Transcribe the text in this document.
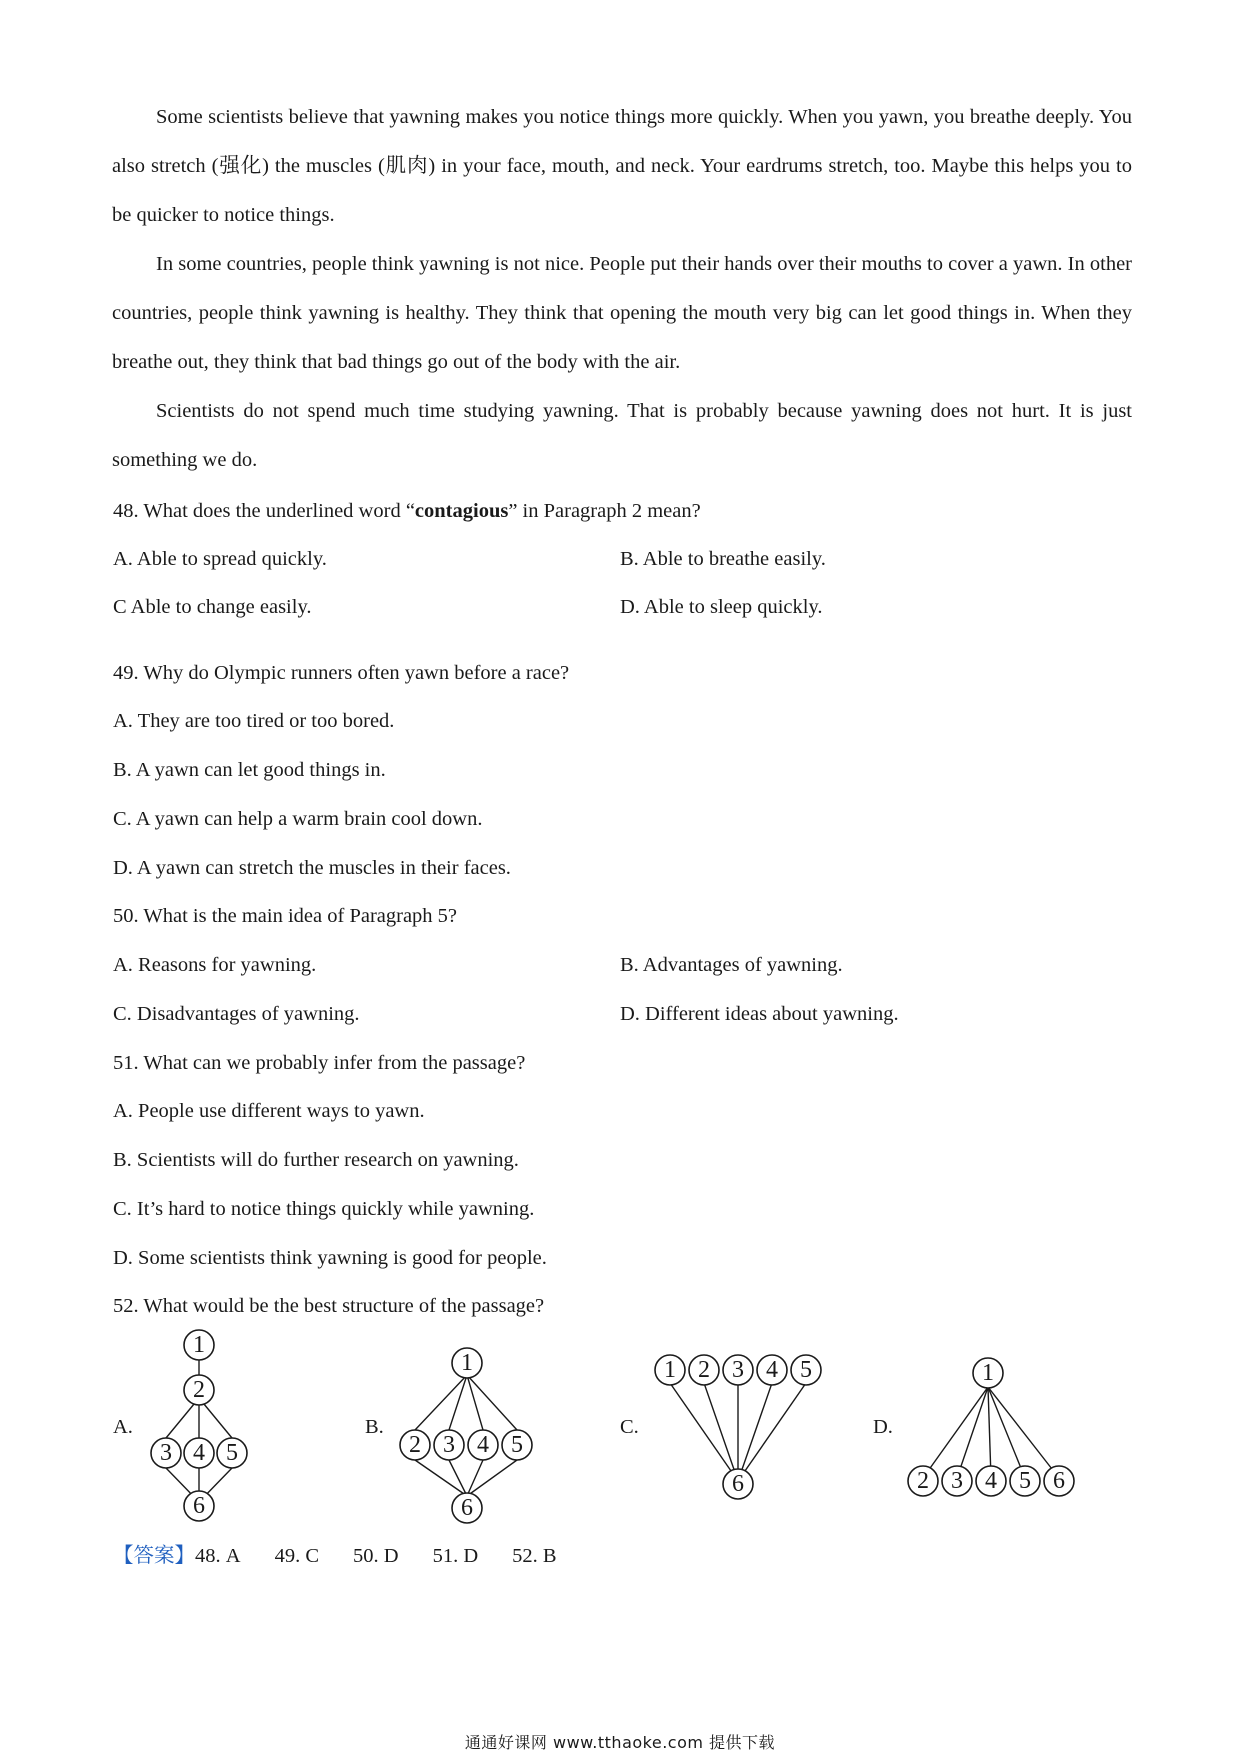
Some scientists believe that yawning makes you notice things more quickly. When you yawn, you breathe deeply. You also stretch (强化) the muscles (肌肉) in your face, mouth, and neck. Your eardrums stretch, too. Maybe this helps you to be quicker to notice things.

In some countries, people think yawning is not nice. People put their hands over their mouths to cover a yawn. In other countries, people think yawning is healthy. They think that opening the mouth very big can let good things in. When they breathe out, they think that bad things go out of the body with the air.

Scientists do not spend much time studying yawning. That is probably because yawning does not hurt. It is just something we do.

48. What does the underlined word “contagious” in Paragraph 2 mean?

A. Able to spread quickly.	B. Able to breathe easily.

C Able to change easily.	D. Able to sleep quickly.

49. Why do Olympic runners often yawn before a race?

A. They are too tired or too bored.

B. A yawn can let good things in.

C. A yawn can help a warm brain cool down.

D. A yawn can stretch the muscles in their faces.

50. What is the main idea of Paragraph 5?

A. Reasons for yawning.	B. Advantages of yawning.

C. Disadvantages of yawning.	D. Different ideas about yawning.

51. What can we probably infer from the passage?

A. People use different ways to yawn.

B. Scientists will do further research on yawning.

C. It’s hard to notice things quickly while yawning.

D. Some scientists think yawning is good for people.

52. What would be the best structure of the passage?

A.	B.	C.	D.
1
2
3 4 5
6
1
2 3 4 5
6
1 2 3 4 5
6
1
2 3 4 5 6
【答案】48. A 49. C 50. D 51. D 52. B
通通好课网 www.tthaoke.com 提供下载
